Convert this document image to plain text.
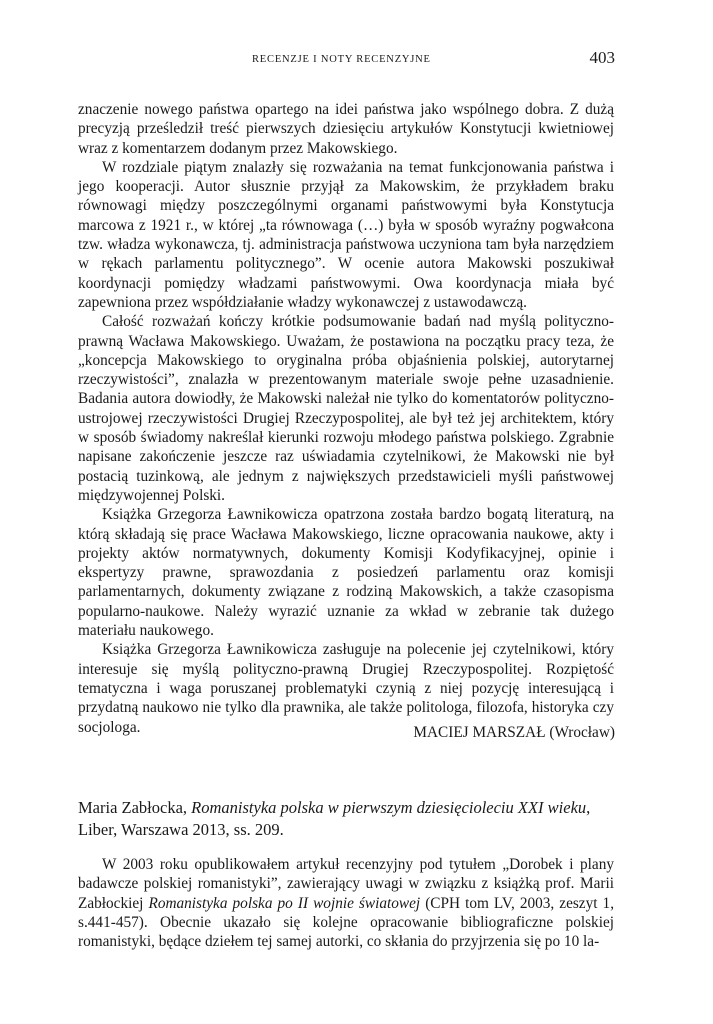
RECENZJE I NOTY RECENZYJNE	403

znaczenie nowego państwa opartego na idei państwa jako wspólnego dobra. Z dużą precyzją prześledził treść pierwszych dziesięciu artykułów Konstytucji kwietniowej wraz z komentarzem dodanym przez Makowskiego.

W rozdziale piątym znalazły się rozważania na temat funkcjonowania państwa i jego kooperacji. Autor słusznie przyjął za Makowskim, że przykładem braku równowagi między poszczególnymi organami państwowymi była Konstytucja marcowa z 1921 r., w której „ta równowaga (…) była w sposób wyraźny pogwałcona tzw. władza wykonawcza, tj. administracja państwowa uczyniona tam była narzędziem w rękach parlamentu politycznego”. W ocenie autora Makowski poszukiwał koordynacji pomiędzy władzami państwowymi. Owa koordynacja miała być zapewniona przez współdziałanie władzy wykonawczej z ustawodawczą.

Całość rozważań kończy krótkie podsumowanie badań nad myślą polityczno-prawną Wacława Makowskiego. Uważam, że postawiona na początku pracy teza, że „koncepcja Makowskiego to oryginalna próba objaśnienia polskiej, autorytarnej rzeczywistości”, znalazła w prezentowanym materiale swoje pełne uzasadnienie. Badania autora dowiodły, że Makowski należał nie tylko do komentatorów polityczno-ustrojowej rzeczywistości Drugiej Rzeczypospolitej, ale był też jej architektem, który w sposób świadomy nakreślał kierunki rozwoju młodego państwa polskiego. Zgrabnie napisane zakończenie jeszcze raz uświadamia czytelnikowi, że Makowski nie był postacią tuzinkową, ale jednym z największych przedstawicieli myśli państwowej międzywojennej Polski.

Książka Grzegorza Ławnikowicza opatrzona została bardzo bogatą literaturą, na którą składają się prace Wacława Makowskiego, liczne opracowania naukowe, akty i projekty aktów normatywnych, dokumenty Komisji Kodyfikacyjnej, opinie i ekspertyzy prawne, sprawozdania z posiedzeń parlamentu oraz komisji parlamentarnych, dokumenty związane z rodziną Makowskich, a także czasopisma popularno-naukowe. Należy wyrazić uznanie za wkład w zebranie tak dużego materiału naukowego.

Książka Grzegorza Ławnikowicza zasługuje na polecenie jej czytelnikowi, który interesuje się myślą polityczno-prawną Drugiej Rzeczypospolitej. Rozpiętość tematyczna i waga poruszanej problematyki czynią z niej pozycję interesującą i przydatną naukowo nie tylko dla prawnika, ale także politologa, filozofa, historyka czy socjologa.	MACIEJ MARSZAŁ (Wrocław)
Maria Zabłocka, Romanistyka polska w pierwszym dziesięcioleciu XXI wieku, Liber, Warszawa 2013, ss. 209.

W 2003 roku opublikowałem artykuł recenzyjny pod tytułem „Dorobek i plany badawcze polskiej romanistyki”, zawierający uwagi w związku z książką prof. Marii Zabłockiej Romanistyka polska po II wojnie światowej (CPH tom LV, 2003, zeszyt 1, s.441-457). Obecnie ukazało się kolejne opracowanie bibliograficzne polskiej romanistyki, będące dziełem tej samej autorki, co skłania do przyjrzenia się po 10 la-
